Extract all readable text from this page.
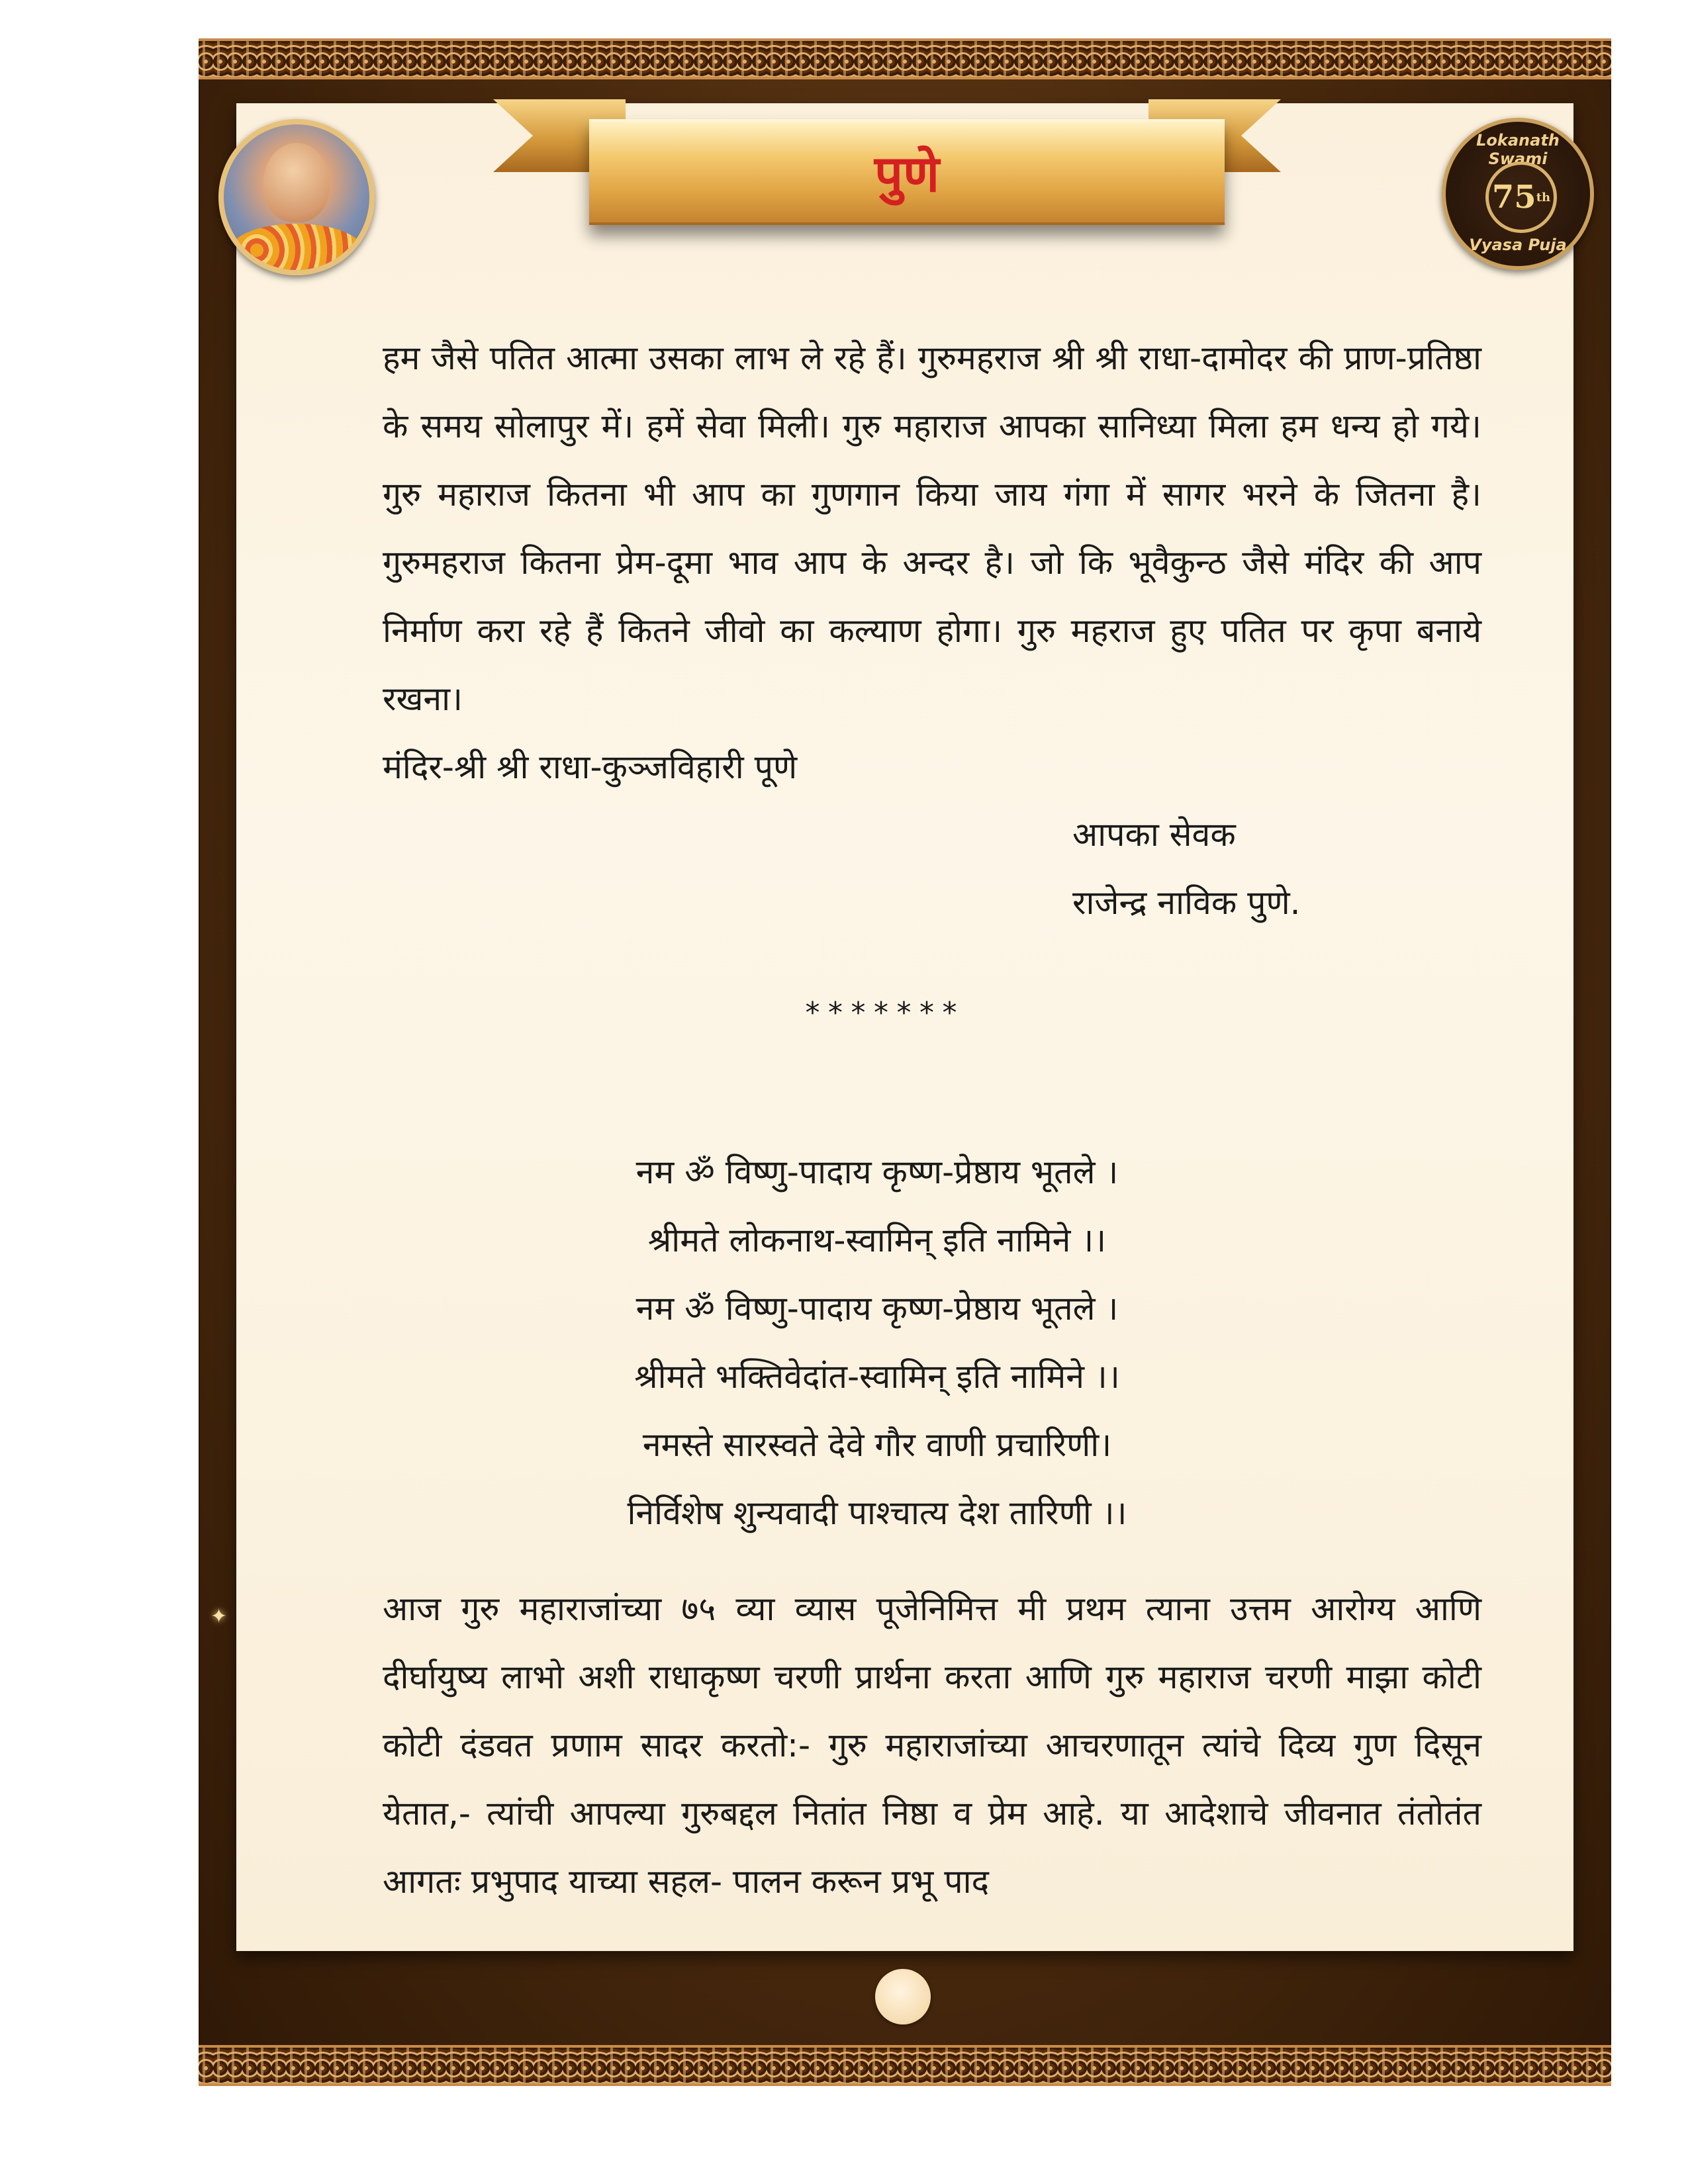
पुणे
Lokanath Swami
75 th
Vyasa Puja

हम जैसे पतित आत्मा उसका लाभ ले रहे हैं। गुरुमहराज श्री श्री राधा-दामोदर की प्राण-प्रतिष्ठा के समय सोलापुर में। हमें सेवा मिली। गुरु महाराज आपका सानिध्या मिला हम धन्य हो गये। गुरु महाराज कितना भी आप का गुणगान किया जाय गंगा में सागर भरने के जितना है। गुरुमहराज कितना प्रेम-दूमा भाव आप के अन्दर है। जो कि भूवैकुन्ठ जैसे मंदिर की आप निर्माण करा रहे हैं कितने जीवो का कल्याण होगा। गुरु महराज हुए पतित पर कृपा बनाये रखना।
मंदिर-श्री श्री राधा-कुञ्जविहारी पूणे

आपका सेवक

राजेन्द्र नाविक पुणे.

*******
नम ॐ विष्णु-पादाय कृष्ण-प्रेष्ठाय भूतले ।
श्रीमते लोकनाथ-स्वामिन् इति नामिने ।।
नम ॐ विष्णु-पादाय कृष्ण-प्रेष्ठाय भूतले ।
श्रीमते भक्तिवेदांत-स्वामिन् इति नामिने ।।
नमस्ते सारस्वते देवे गौर वाणी प्रचारिणी।
निर्विशेष शुन्यवादी पाश्चात्य देश तारिणी ।।

आज गुरु महाराजांच्या ७५ व्या व्यास पूजेनिमित्त मी प्रथम त्याना उत्तम आरोग्य आणि दीर्घायुष्य लाभो अशी राधाकृष्ण चरणी प्रार्थना करता आणि गुरु महाराज चरणी माझा कोटी कोटी दंडवत प्रणाम सादर करतो:- गुरु महाराजांच्या आचरणातून त्यांचे दिव्य गुण दिसून येतात,- त्यांची आपल्या गुरुबद्दल नितांत निष्ठा व प्रेम आहे. या आदेशाचे जीवनात तंतोतंत आगतः प्रभुपाद याच्या सहल- पालन करून प्रभू पाद

✦
